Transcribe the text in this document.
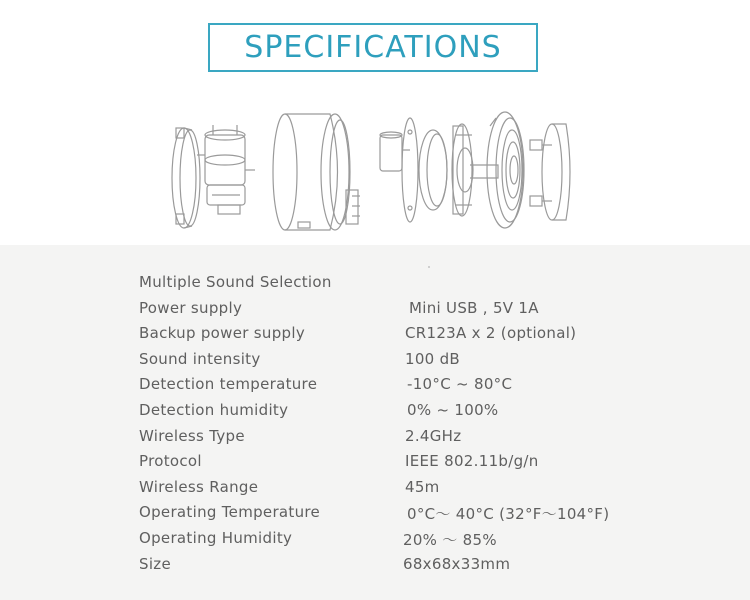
SPECIFICATIONS
Multiple Sound Selection
Power supply	Mini USB , 5V 1A
Backup power supply	CR123A x 2 (optional)
Sound intensity	100 dB
Detection temperature	-10°C ~ 80°C
Detection humidity	0% ~ 100%
Wireless Type	2.4GHz
Protocol	IEEE 802.11b/g/n
Wireless Range	45m
Operating Temperature	0°C～ 40°C (32°F～104°F)
Operating Humidity	20% ～ 85%
Size	68x68x33mm
